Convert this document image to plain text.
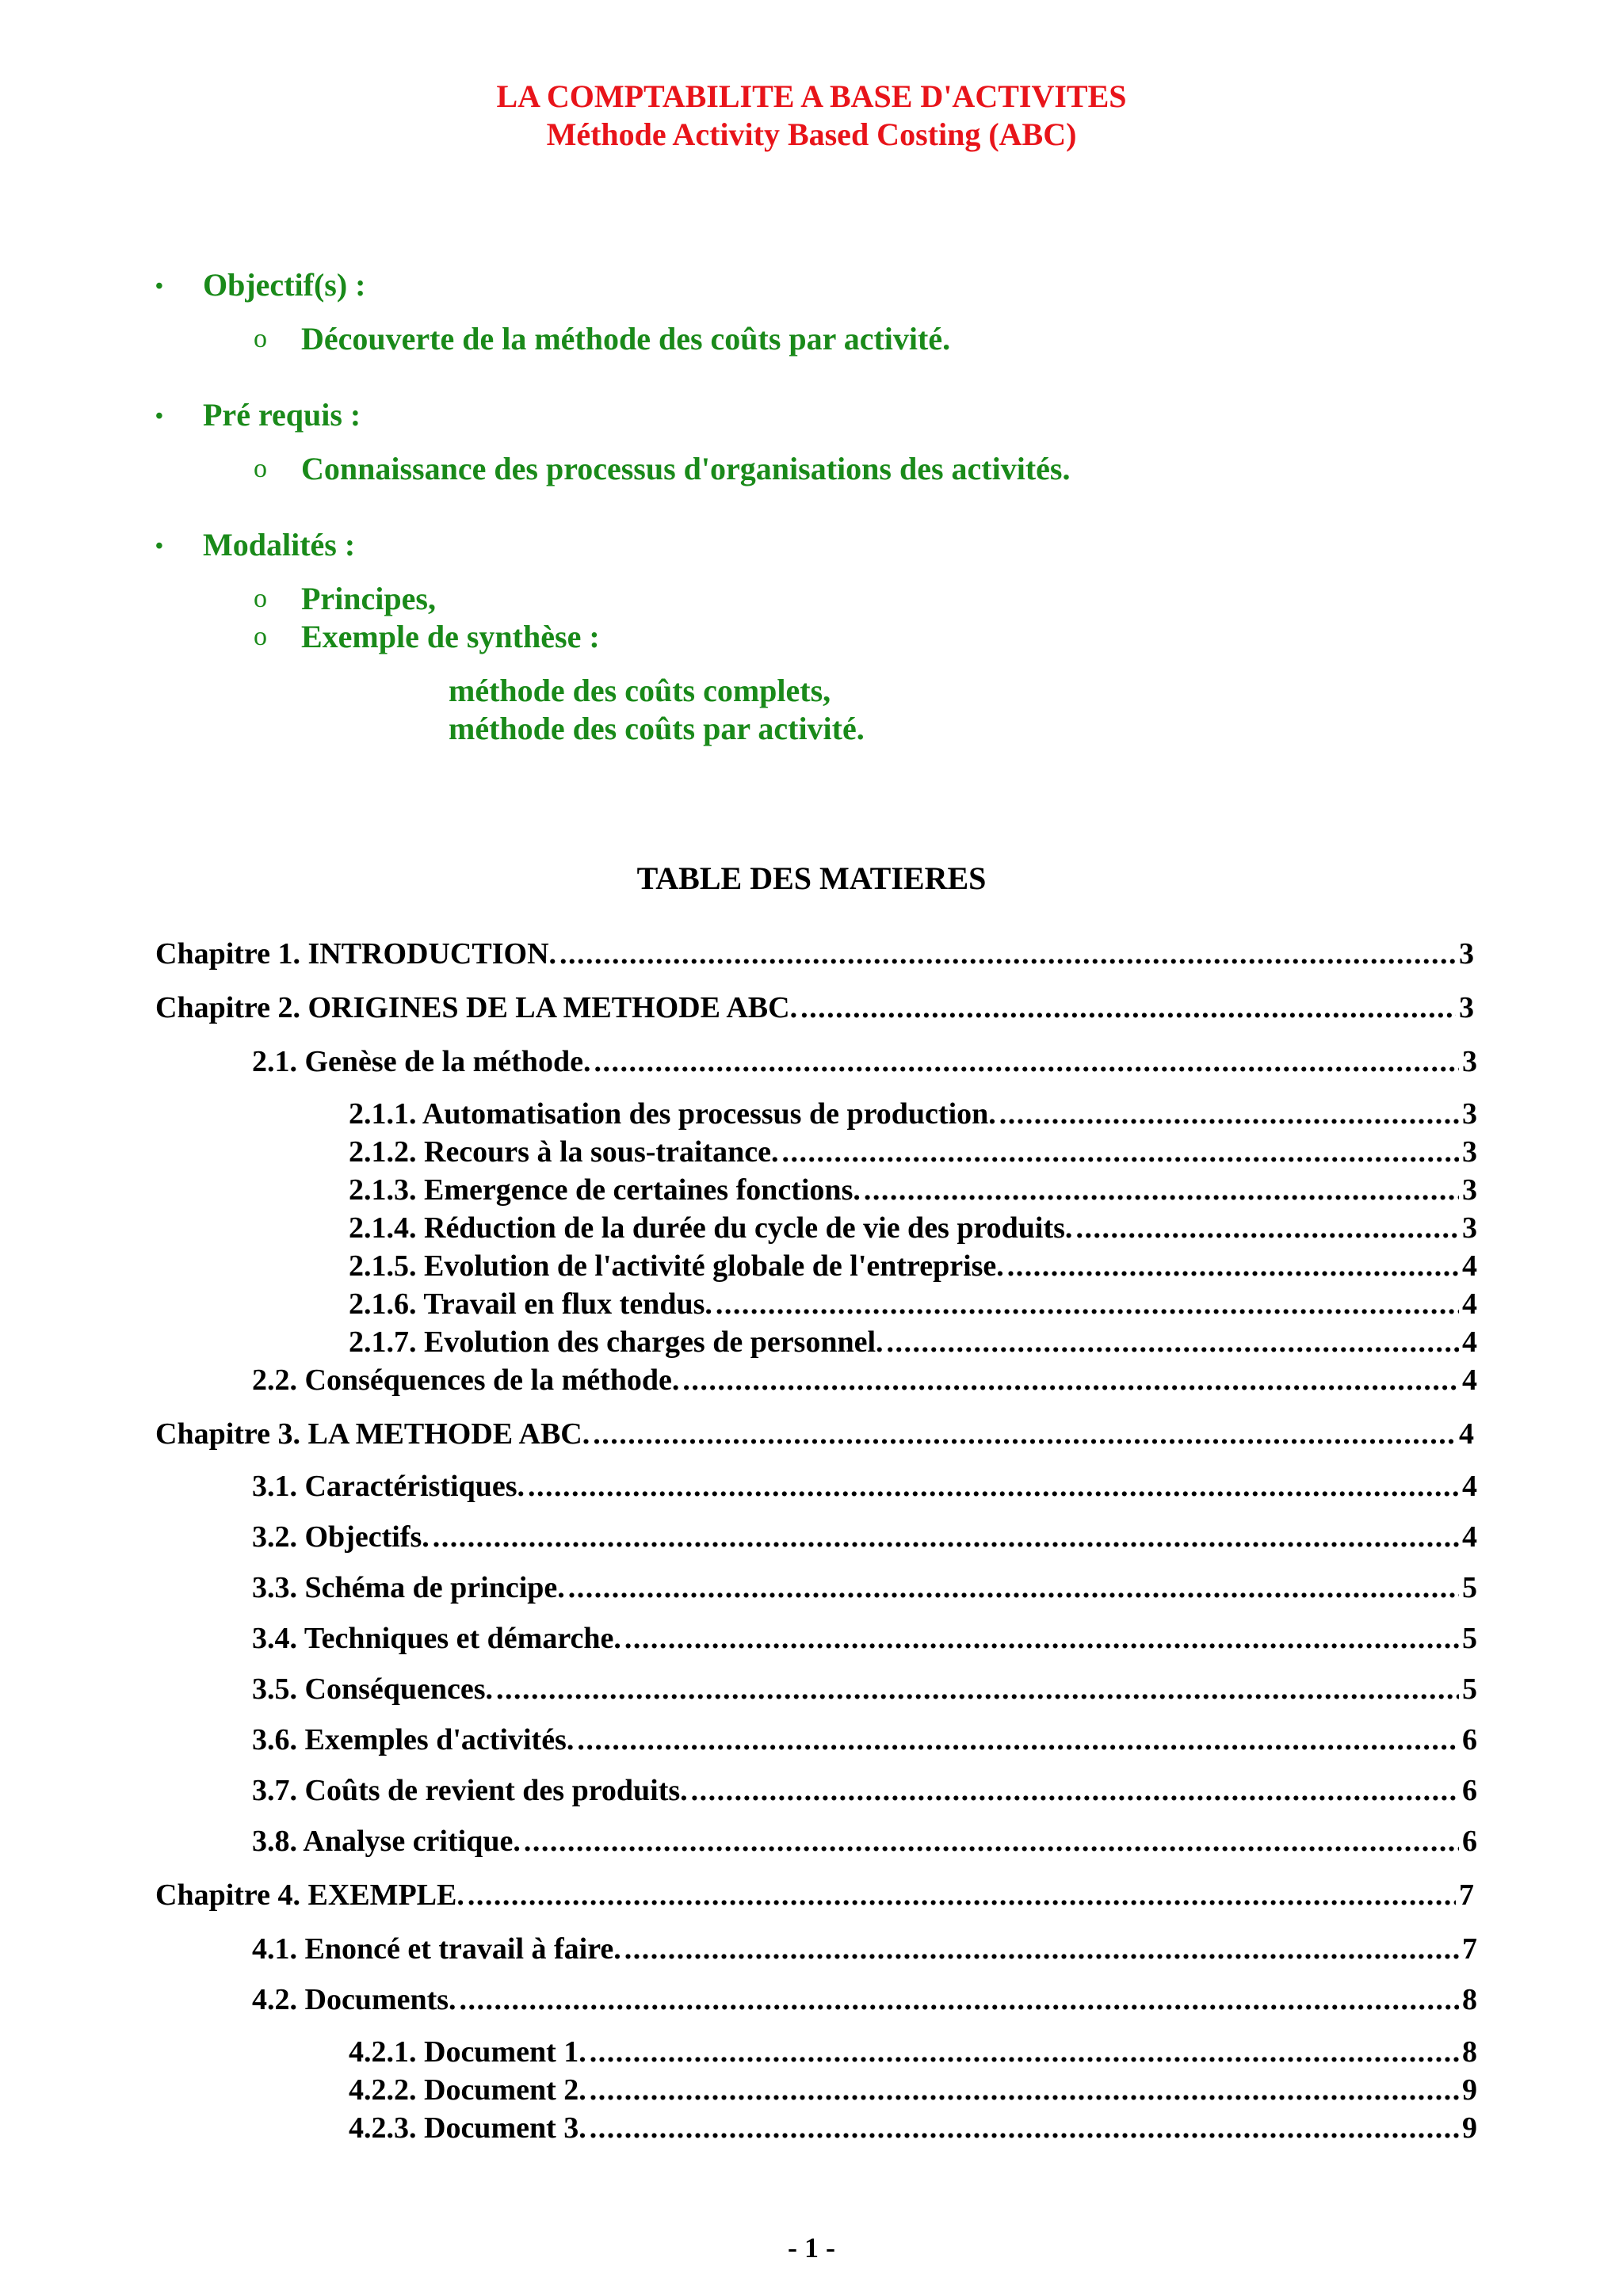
LA COMPTABILITE A BASE D'ACTIVITES
Méthode Activity Based Costing (ABC)
• Objectif(s) :
o Découverte de la méthode des coûts par activité.
• Pré requis :
o Connaissance des processus d'organisations des activités.
• Modalités :
o Principes,
o Exemple de synthèse :
méthode des coûts complets,
méthode des coûts par activité.
TABLE DES MATIERES
Chapitre 1. INTRODUCTION. . . .	3
Chapitre 2. ORIGINES DE LA METHODE ABC. . . .	3
2.1. Genèse de la méthode. . . .	3
2.1.1. Automatisation des processus de production. . . .	3
2.1.2. Recours à la sous-traitance. . . .	3
2.1.3. Emergence de certaines fonctions. . . .	3
2.1.4. Réduction de la durée du cycle de vie des produits. . . .	3
2.1.5. Evolution de l'activité globale de l'entreprise. . . .	4
2.1.6. Travail en flux tendus. . . .	4
2.1.7. Evolution des charges de personnel. . . .	4
2.2. Conséquences de la méthode. . . .	4
Chapitre 3. LA METHODE ABC. . . .	4
3.1. Caractéristiques. . . .	4
3.2. Objectifs. . . .	4
3.3. Schéma de principe. . . .	5
3.4. Techniques et démarche. . . .	5
3.5. Conséquences. . . .	5
3.6. Exemples d'activités. . . .	6
3.7. Coûts de revient des produits. . . .	6
3.8. Analyse critique. . . .	6
Chapitre 4. EXEMPLE. . . .	7
4.1. Enoncé et travail à faire. . . .	7
4.2. Documents. . . .	8
4.2.1. Document 1. . . .	8
4.2.2. Document 2. . . .	9
4.2.3. Document 3. . . .	9
- 1 -
